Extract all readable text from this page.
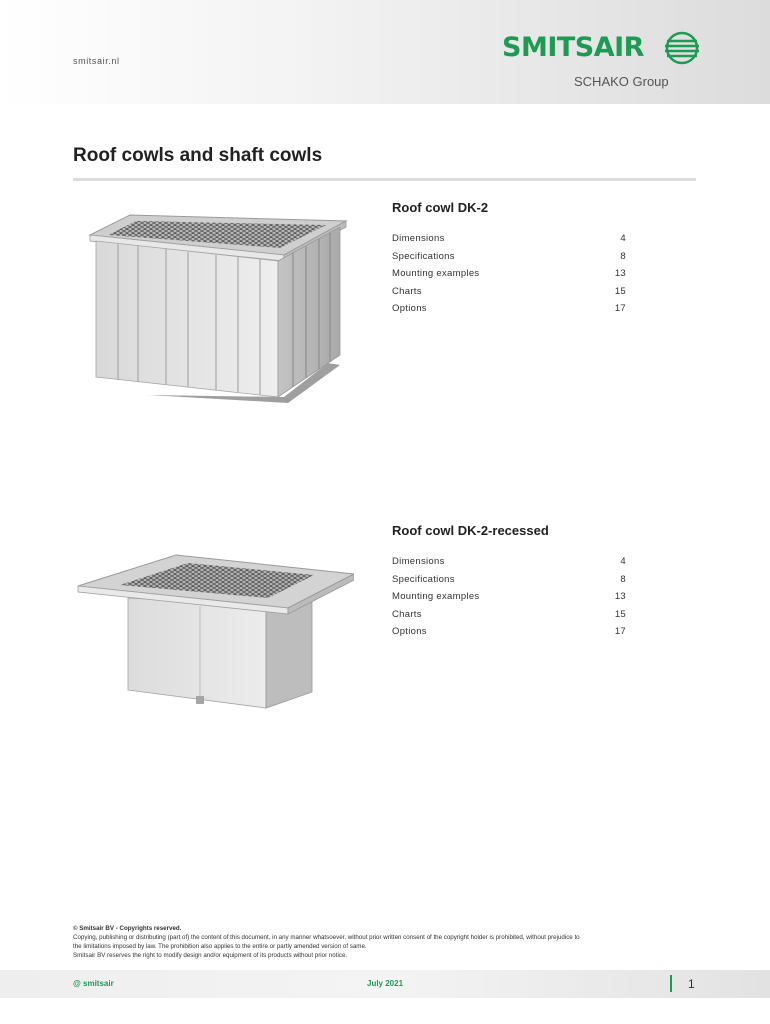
smitsair.nl	SMITSAIR
SCHAKO Group
Roof cowls and shaft cowls
Roof cowl DK-2
Dimensions	4
Specifications	8
Mounting examples	13
Charts	15
Options	17
Roof cowl DK-2-recessed
Dimensions	4
Specifications	8
Mounting examples	13
Charts	15
Options	17
© Smitsair BV - Copyrights reserved.
Copying, publishing or distributing (part of) the content of this document, in any manner whatsoever, without prior written consent of the copyright holder is prohibited, without prejudice to
the limitations imposed by law. The prohibition also applies to the entire or partly amended version of same.
Smitsair BV reserves the right to modify design and/or equipment of its products without prior notice.
@ smitsair	July 2021	1
